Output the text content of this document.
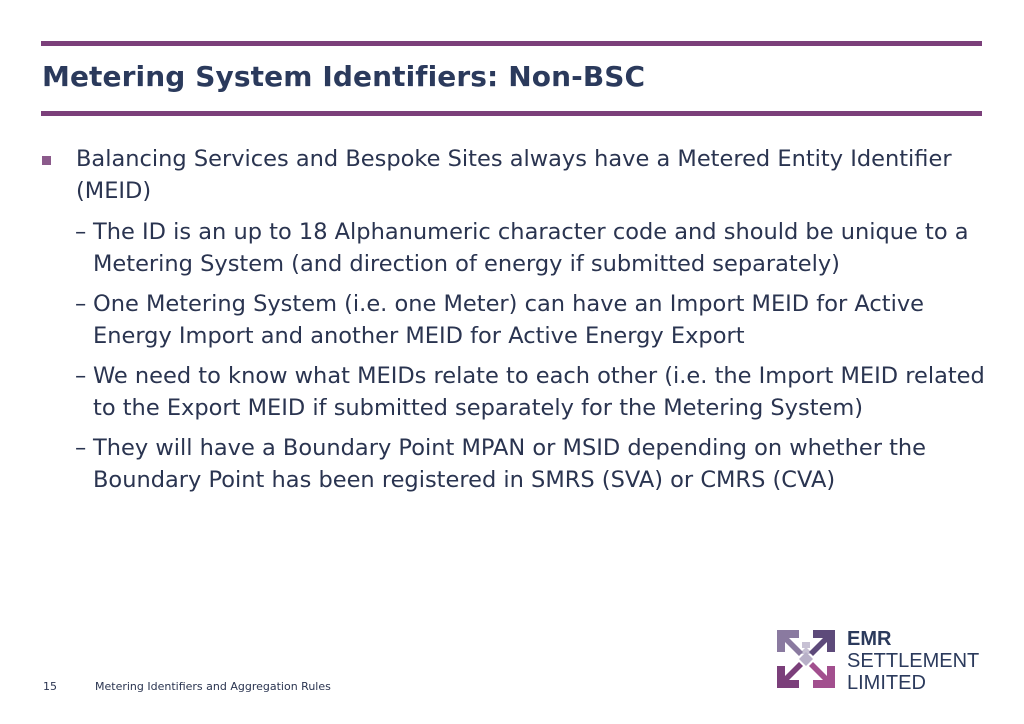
Metering System Identifiers: Non-BSC
Balancing Services and Bespoke Sites always have a Metered Entity Identifier (MEID)
– The ID is an up to 18 Alphanumeric character code and should be unique to a Metering System (and direction of energy if submitted separately)
– One Metering System (i.e. one Meter) can have an Import MEID for Active Energy Import and another MEID for Active Energy Export
– We need to know what MEIDs relate to each other (i.e. the Import MEID related to the Export MEID if submitted separately for the Metering System)
– They will have a Boundary Point MPAN or MSID depending on whether the Boundary Point has been registered in SMRS (SVA) or CMRS (CVA)
15	Metering Identifiers and Aggregation Rules
EMR
SETTLEMENT
LIMITED
